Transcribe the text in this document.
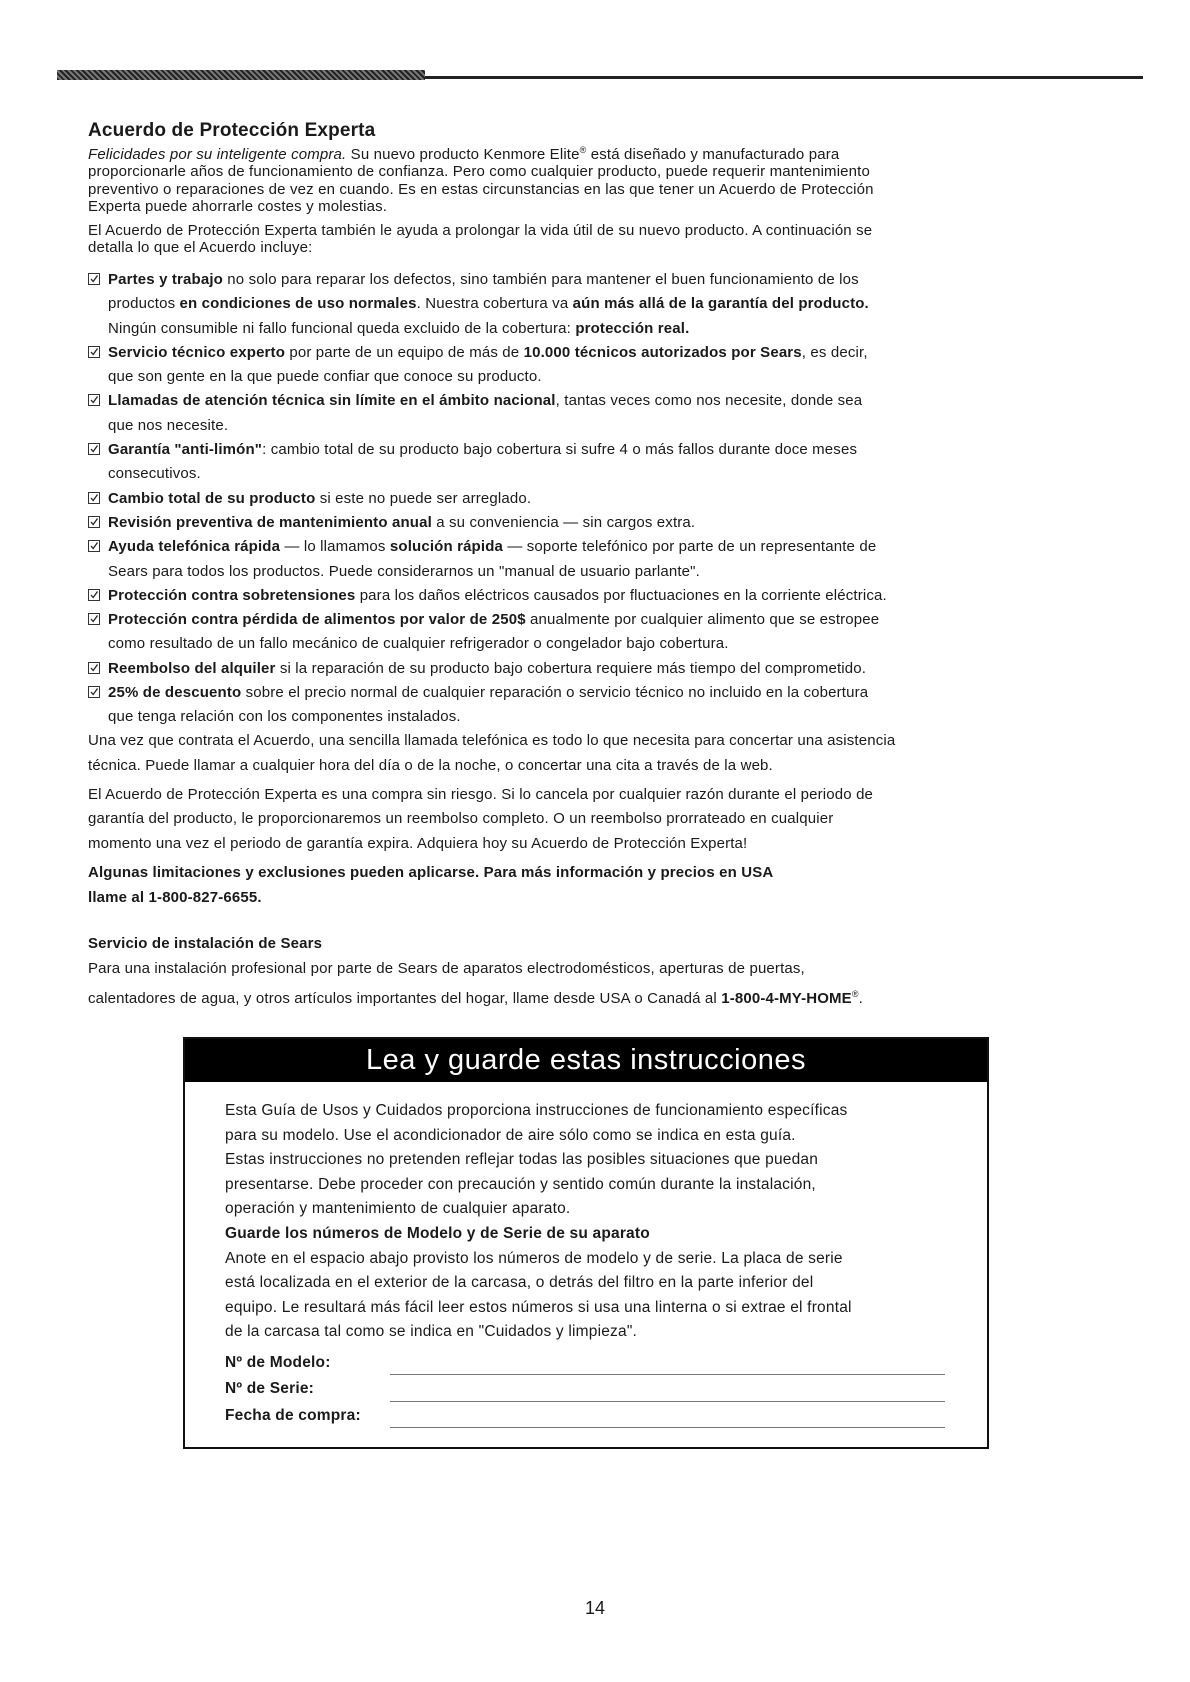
Acuerdo de Protección Experta
Felicidades por su inteligente compra. Su nuevo producto Kenmore Elite® está diseñado y manufacturado para
proporcionarle años de funcionamiento de confianza. Pero como cualquier producto, puede requerir mantenimiento
preventivo o reparaciones de vez en cuando. Es en estas circunstancias en las que tener un Acuerdo de Protección
Experta puede ahorrarle costes y molestias.
El Acuerdo de Protección Experta también le ayuda a prolongar la vida útil de su nuevo producto. A continuación se
detalla lo que el Acuerdo incluye:
Partes y trabajo no solo para reparar los defectos, sino también para mantener el buen funcionamiento de los
productos en condiciones de uso normales. Nuestra cobertura va aún más allá de la garantía del producto.
Ningún consumible ni fallo funcional queda excluido de la cobertura: protección real.
Servicio técnico experto por parte de un equipo de más de 10.000 técnicos autorizados por Sears, es decir,
que son gente en la que puede confiar que conoce su producto.
Llamadas de atención técnica sin límite en el ámbito nacional, tantas veces como nos necesite, donde sea
que nos necesite.
Garantía "anti-limón": cambio total de su producto bajo cobertura si sufre 4 o más fallos durante doce meses
consecutivos.
Cambio total de su producto si este no puede ser arreglado.
Revisión preventiva de mantenimiento anual a su conveniencia — sin cargos extra.
Ayuda telefónica rápida — lo llamamos solución rápida — soporte telefónico por parte de un representante de
Sears para todos los productos. Puede considerarnos un "manual de usuario parlante".
Protección contra sobretensiones para los daños eléctricos causados por fluctuaciones en la corriente eléctrica.
Protección contra pérdida de alimentos por valor de 250$ anualmente por cualquier alimento que se estropee
como resultado de un fallo mecánico de cualquier refrigerador o congelador bajo cobertura.
Reembolso del alquiler si la reparación de su producto bajo cobertura requiere más tiempo del comprometido.
25% de descuento sobre el precio normal de cualquier reparación o servicio técnico no incluido en la cobertura
que tenga relación con los componentes instalados.
Una vez que contrata el Acuerdo, una sencilla llamada telefónica es todo lo que necesita para concertar una asistencia
técnica. Puede llamar a cualquier hora del día o de la noche, o concertar una cita a través de la web.
El Acuerdo de Protección Experta es una compra sin riesgo. Si lo cancela por cualquier razón durante el periodo de
garantía del producto, le proporcionaremos un reembolso completo. O un reembolso prorrateado en cualquier
momento una vez el periodo de garantía expira. Adquiera hoy su Acuerdo de Protección Experta!
Algunas limitaciones y exclusiones pueden aplicarse. Para más información y precios en USA
llame al 1-800-827-6655.
Servicio de instalación de Sears
Para una instalación profesional por parte de Sears de aparatos electrodomésticos, aperturas de puertas,
calentadores de agua, y otros artículos importantes del hogar, llame desde USA o Canadá al 1-800-4-MY-HOME®.
Lea y guarde estas instrucciones
Esta Guía de Usos y Cuidados proporciona instrucciones de funcionamiento específicas
para su modelo. Use el acondicionador de aire sólo como se indica en esta guía.
Estas instrucciones no pretenden reflejar todas las posibles situaciones que puedan
presentarse. Debe proceder con precaución y sentido común durante la instalación,
operación y mantenimiento de cualquier aparato.
Guarde los números de Modelo y de Serie de su aparato
Anote en el espacio abajo provisto los números de modelo y de serie. La placa de serie
está localizada en el exterior de la carcasa, o detrás del filtro en la parte inferior del
equipo. Le resultará más fácil leer estos números si usa una linterna o si extrae el frontal
de la carcasa tal como se indica en "Cuidados y limpieza".
Nº de Modelo:
Nº de Serie:
Fecha de compra:
14
